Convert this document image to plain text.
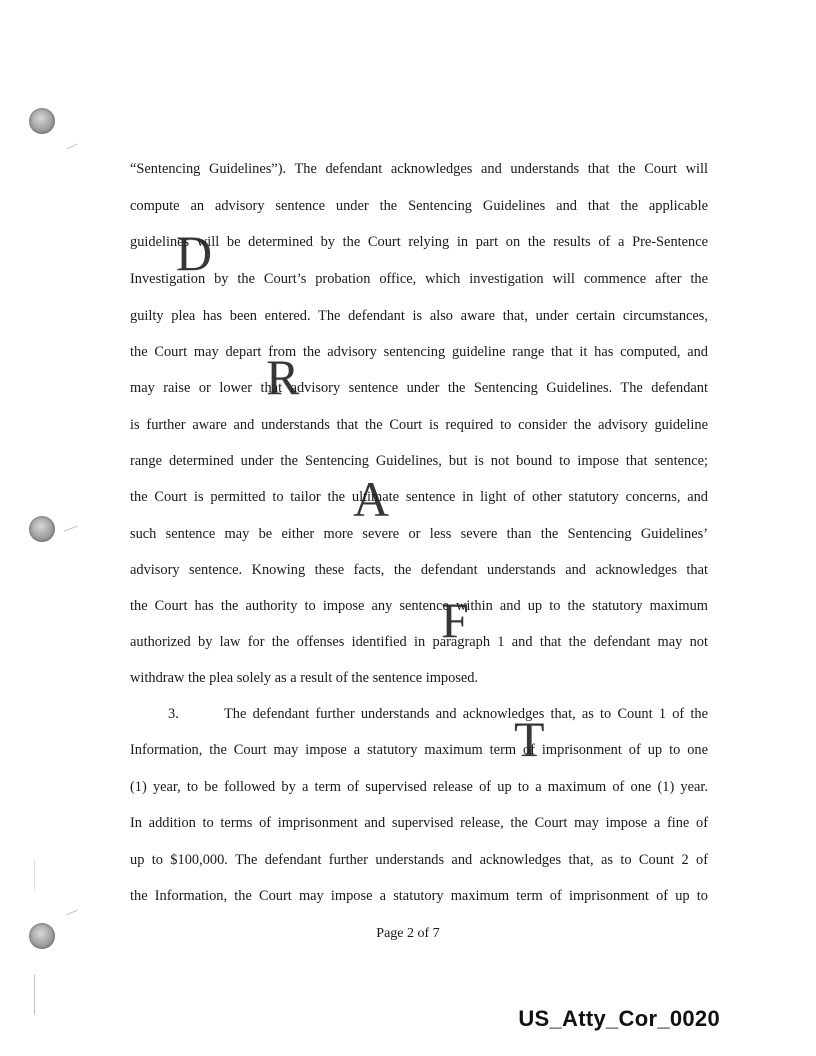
“Sentencing Guidelines”). The defendant acknowledges and understands that the Court will
compute an advisory sentence under the Sentencing Guidelines and that the applicable
guidelines will be determined by the Court relying in part on the results of a Pre-Sentence
Investigation by the Court’s probation office, which investigation will commence after the
guilty plea has been entered. The defendant is also aware that, under certain circumstances,
the Court may depart from the advisory sentencing guideline range that it has computed, and
may raise or lower that advisory sentence under the Sentencing Guidelines. The defendant
is further aware and understands that the Court is required to consider the advisory guideline
range determined under the Sentencing Guidelines, but is not bound to impose that sentence;
the Court is permitted to tailor the ultimate sentence in light of other statutory concerns, and
such sentence may be either more severe or less severe than the Sentencing Guidelines’
advisory sentence. Knowing these facts, the defendant understands and acknowledges that
the Court has the authority to impose any sentence within and up to the statutory maximum
authorized by law for the offenses identified in paragraph 1 and that the defendant may not
withdraw the plea solely as a result of the sentence imposed.
3.	The defendant further understands and acknowledges that, as to Count 1 of the
Information, the Court may impose a statutory maximum term of imprisonment of up to one
(1) year, to be followed by a term of supervised release of up to a maximum of one (1) year.
In addition to terms of imprisonment and supervised release, the Court may impose a fine of
up to $100,000. The defendant further understands and acknowledges that, as to Count 2 of
the Information, the Court may impose a statutory maximum term of imprisonment of up to
D
R
A
F
T
Page 2 of 7
US_Atty_Cor_0020
